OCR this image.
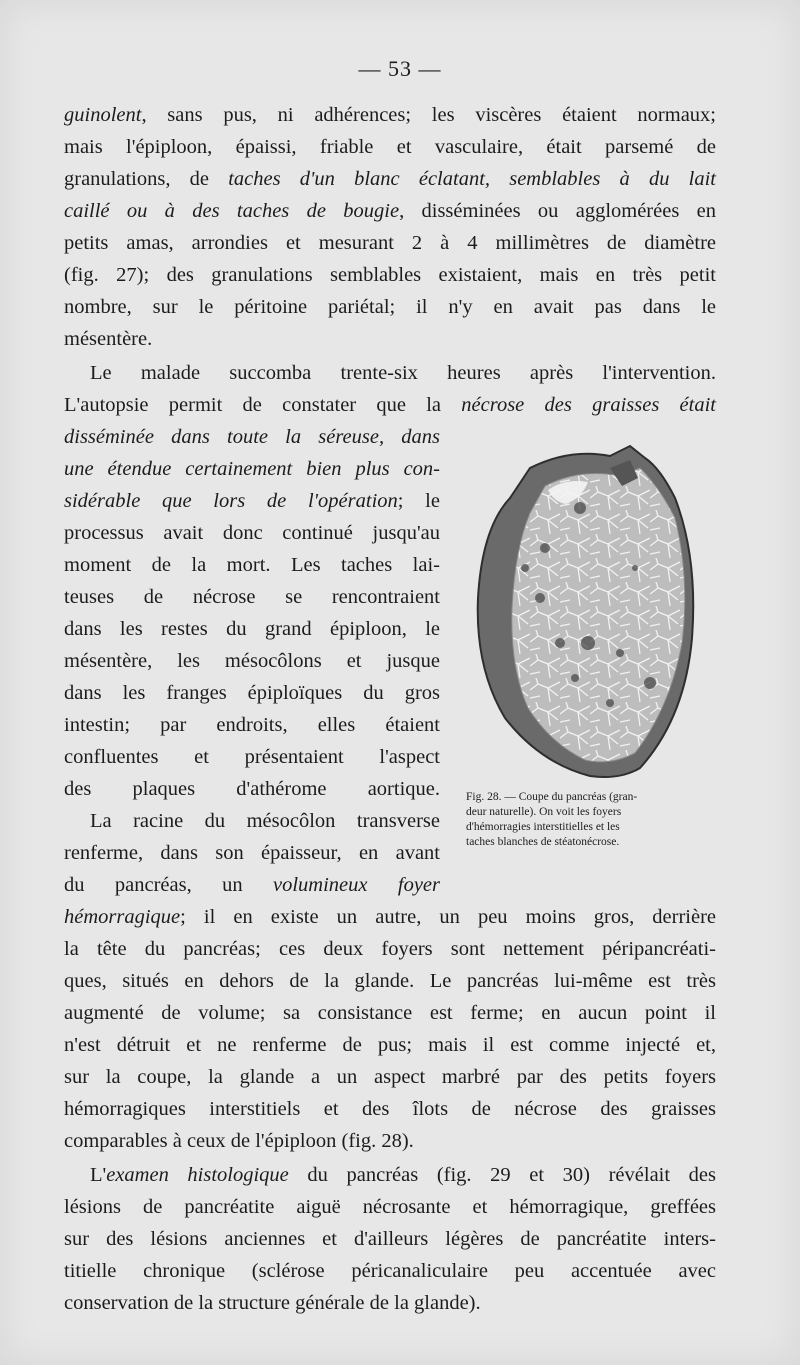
— 53 —
guinolent, sans pus, ni adhérences; les viscères étaient normaux;
mais l'épiploon, épaissi, friable et vasculaire, était parsemé de
granulations, de taches d'un blanc éclatant, semblables à du lait
caillé ou à des taches de bougie, disséminées ou agglomérées en
petits amas, arrondies et mesurant 2 à 4 millimètres de diamètre
(fig. 27); des granulations semblables existaient, mais en très petit
nombre, sur le péritoine pariétal; il n'y en avait pas dans le
mésentère.
Le malade succomba trente-six heures après l'intervention.
L'autopsie permit de constater que la nécrose des graisses était
disséminée dans toute la séreuse, dans
une étendue certainement bien plus con-
sidérable que lors de l'opération; le
processus avait donc continué jusqu'au
moment de la mort. Les taches lai-
teuses de nécrose se rencontraient
dans les restes du grand épiploon, le
mésentère, les mésocôlons et jusque
dans les franges épiploïques du gros
intestin; par endroits, elles étaient
confluentes et présentaient l'aspect
des plaques d'athérome aortique.
La racine du mésocôlon transverse
renferme, dans son épaisseur, en avant
du pancréas, un volumineux foyer
hémorragique; il en existe un autre, un peu moins gros, derrière
la tête du pancréas; ces deux foyers sont nettement péripancréati-
ques, situés en dehors de la glande. Le pancréas lui-même est très
augmenté de volume; sa consistance est ferme; en aucun point il
n'est détruit et ne renferme de pus; mais il est comme injecté et,
sur la coupe, la glande a un aspect marbré par des petits foyers
hémorragiques interstitiels et des îlots de nécrose des graisses
comparables à ceux de l'épiploon (fig. 28).
L'examen histologique du pancréas (fig. 29 et 30) révélait des
lésions de pancréatite aiguë nécrosante et hémorragique, greffées
sur des lésions anciennes et d'ailleurs légères de pancréatite inters-
titielle chronique (sclérose péricanaliculaire peu accentuée avec
conservation de la structure générale de la glande).
Fig. 28. — Coupe du pancréas (gran-
deur naturelle). On voit les foyers
d'hémorragies interstitielles et les
taches blanches de stéatonécrose.
